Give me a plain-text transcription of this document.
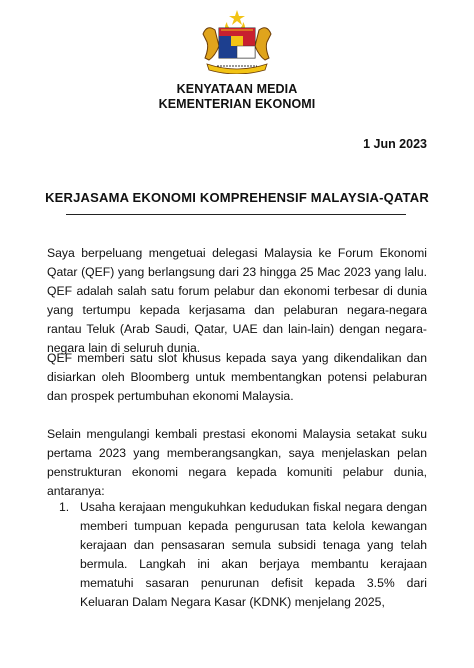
KENYATAAN MEDIA
KEMENTERIAN EKONOMI
1 Jun 2023
KERJASAMA EKONOMI KOMPREHENSIF MALAYSIA-QATAR

Saya berpeluang mengetuai delegasi Malaysia ke Forum Ekonomi Qatar (QEF) yang berlangsung dari 23 hingga 25 Mac 2023 yang lalu. QEF adalah salah satu forum pelabur dan ekonomi terbesar di dunia yang tertumpu kepada kerjasama dan pelaburan negara-negara rantau Teluk (Arab Saudi, Qatar, UAE dan lain-lain) dengan negara-negara lain di seluruh dunia.

QEF memberi satu slot khusus kepada saya yang dikendalikan dan disiarkan oleh Bloomberg untuk membentangkan potensi pelaburan dan prospek pertumbuhan ekonomi Malaysia.

Selain mengulangi kembali prestasi ekonomi Malaysia setakat suku pertama 2023 yang memberangsangkan, saya menjelaskan pelan penstrukturan ekonomi negara kepada komuniti pelabur dunia, antaranya:

1. Usaha kerajaan mengukuhkan kedudukan fiskal negara dengan memberi tumpuan kepada pengurusan tata kelola kewangan kerajaan dan pensasaran semula subsidi tenaga yang telah bermula. Langkah ini akan berjaya membantu kerajaan mematuhi sasaran penurunan defisit kepada 3.5% dari Keluaran Dalam Negara Kasar (KDNK) menjelang 2025,
